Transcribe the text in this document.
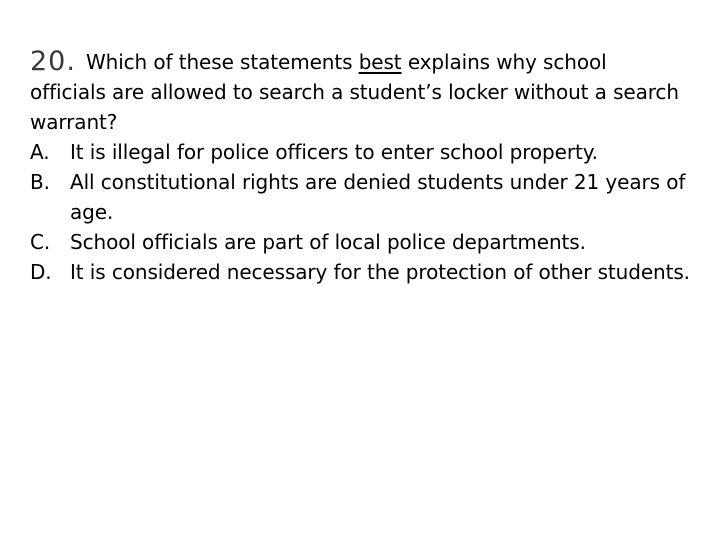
20. Which of these statements best explains why school
officials are allowed to search a student’s locker without a search warrant?
A.	It is illegal for police officers to enter school property.
B.	All constitutional rights are denied students under 21 years of age.
C. School officials are part of local police departments.
D. It is considered necessary for the protection of other students.
